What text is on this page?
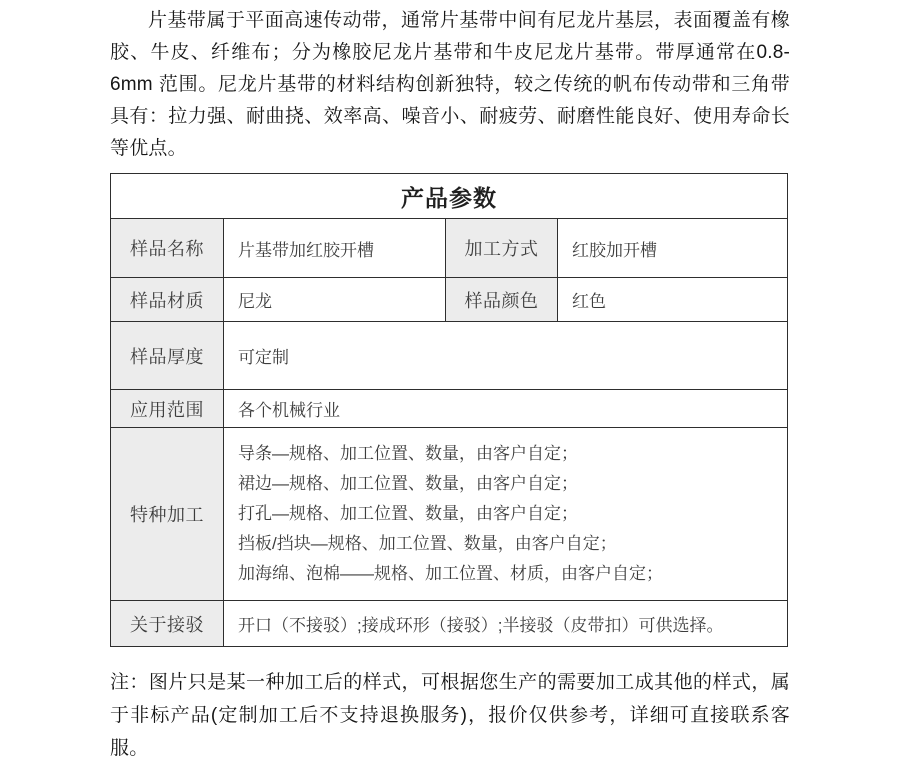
片基带属于平面高速传动带，通常片基带中间有尼龙片基层，表面覆盖有橡胶、牛皮、纤维布；分为橡胶尼龙片基带和牛皮尼龙片基带。带厚通常在0.8-6mm 范围。尼龙片基带的材料结构创新独特，较之传统的帆布传动带和三角带具有：拉力强、耐曲挠、效率高、噪音小、耐疲劳、耐磨性能良好、使用寿命长等优点。

产品参数			
样品名称	片基带加红胶开槽	加工方式	红胶加开槽
样品材质	尼龙	样品颜色	红色
样品厚度	可定制		
应用范围	各个机械行业		
特种加工	导条—规格、加工位置、数量，由客户自定；
裙边—规格、加工位置、数量，由客户自定；
打孔—规格、加工位置、数量，由客户自定；
挡板/挡块—规格、加工位置、数量，由客户自定；
加海绵、泡棉——规格、加工位置、材质，由客户自定；		

关于接驳	开口（不接驳）;接成环形（接驳）;半接驳（皮带扣）可供选择。		

注：图片只是某一种加工后的样式，可根据您生产的需要加工成其他的样式，属于非标产品(定制加工后不支持退换服务)，报价仅供参考，详细可直接联系客服。
